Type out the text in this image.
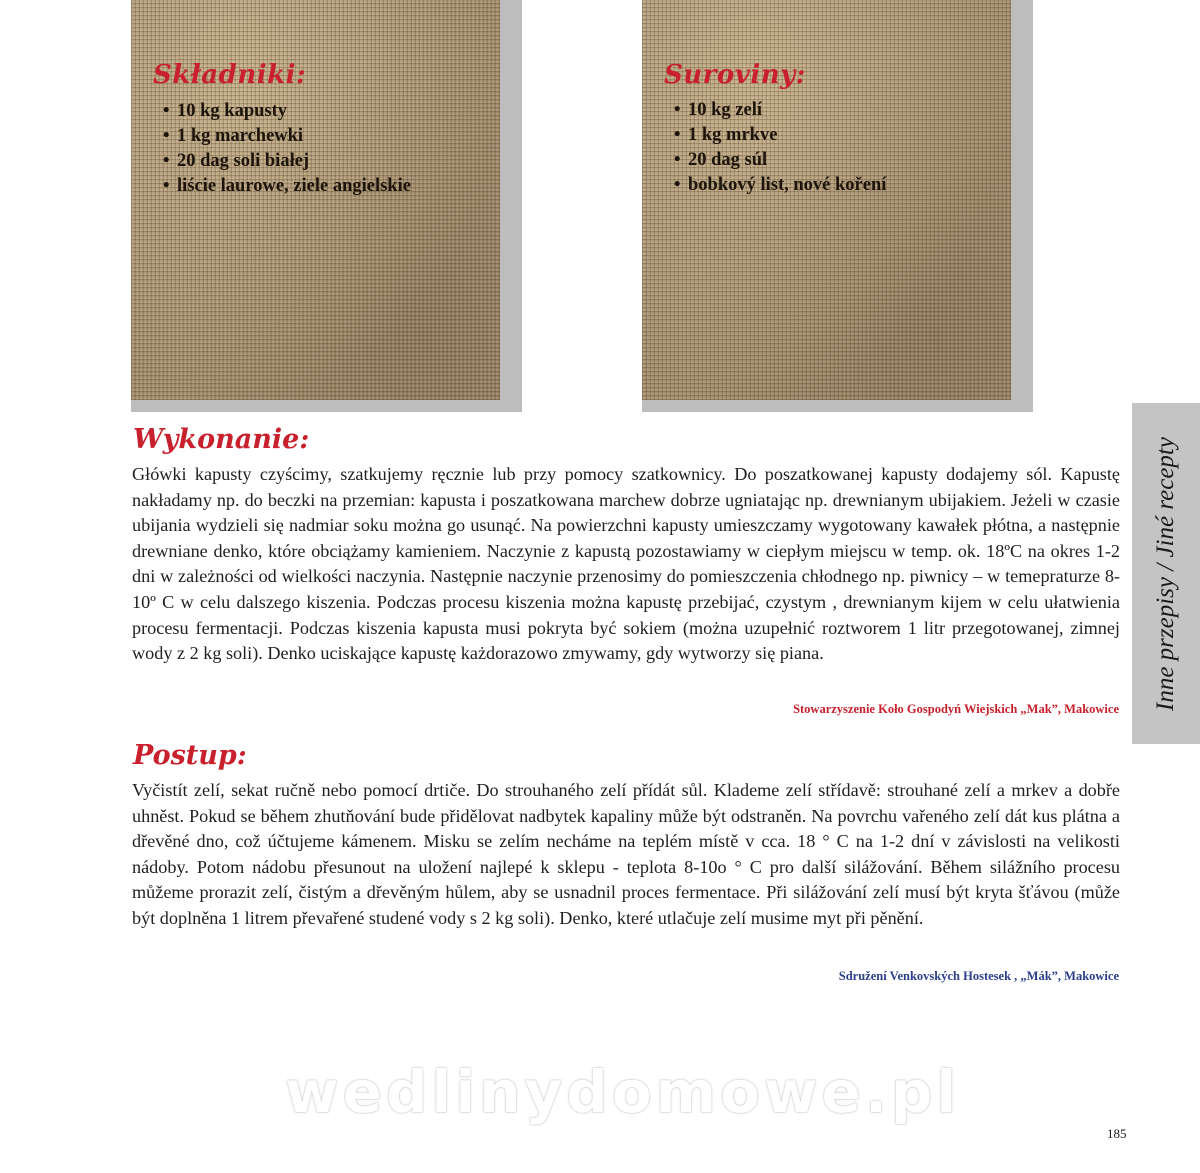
Składniki:
• 10 kg kapusty
• 1 kg marchewki
• 20 dag soli białej
• liście laurowe, ziele angielskie
Suroviny:
• 10 kg zelí
• 1 kg mrkve
• 20 dag súl
• bobkový list, nové koření
Wykonanie:

Główki kapusty czyścimy, szatkujemy ręcznie lub przy pomocy szatkownicy. Do poszatkowanej kapusty dodajemy sól. Kapustę nakładamy np. do beczki na przemian: kapusta i poszatkowana marchew dobrze ugniatając np. drewnianym ubijakiem. Jeżeli w czasie ubijania wydzieli się nadmiar soku można go usunąć. Na powierzchni kapusty umieszczamy wygotowany kawałek płótna, a następnie drewniane denko, które obciążamy kamieniem. Naczynie z kapustą pozostawiamy w ciepłym miejscu w temp. ok. 18ºC na okres 1-2 dni w zależności od wielkości naczynia. Następnie naczynie przenosimy do pomieszczenia chłodnego np. piwnicy – w temepraturze 8-10º C w celu dalszego kiszenia. Podczas procesu kiszenia można kapustę przebijać, czystym , drewnianym kijem w celu ułatwienia procesu fermentacji. Podczas kiszenia kapusta musi pokryta być sokiem (można uzupełnić roztworem 1 litr przegotowanej, zimnej wody z 2 kg soli). Denko uciskające kapustę każdorazowo zmywamy, gdy wytworzy się piana.

Stowarzyszenie Koło Gospodyń Wiejskich „Mak”, Makowice

Postup:

Vyčistít zelí, sekat ručně nebo pomocí drtiče. Do strouhaného zelí přídát sůl. Klademe zelí střídavě: strouhané zelí a mrkev a dobře uhněst. Pokud se během zhutňování bude přidělovat nadbytek kapaliny může být odstraněn. Na povrchu vařeného zelí dát kus plátna a dřevěné dno, což účtujeme kámenem. Misku se zelím necháme na teplém místě v cca. 18 ° C na 1-2 dní v závislosti na velikosti nádoby. Potom nádobu přesunout na uložení najlepé k sklepu - teplota 8-10o ° C pro další silážování. Během silážního procesu můžeme prorazit zelí, čistým a dřevěným hůlem, aby se usnadnil proces fermentace. Při silážování zelí musí být kryta šťávou (může být doplněna 1 litrem převařené studené vody s 2 kg soli). Denko, které utlačuje zelí musime myt při pěnění.

Sdružení Venkovských Hostesek , „Mák”, Makowice

Inne przepisy / Jiné recepty
wedlinydomowe.pl
185
